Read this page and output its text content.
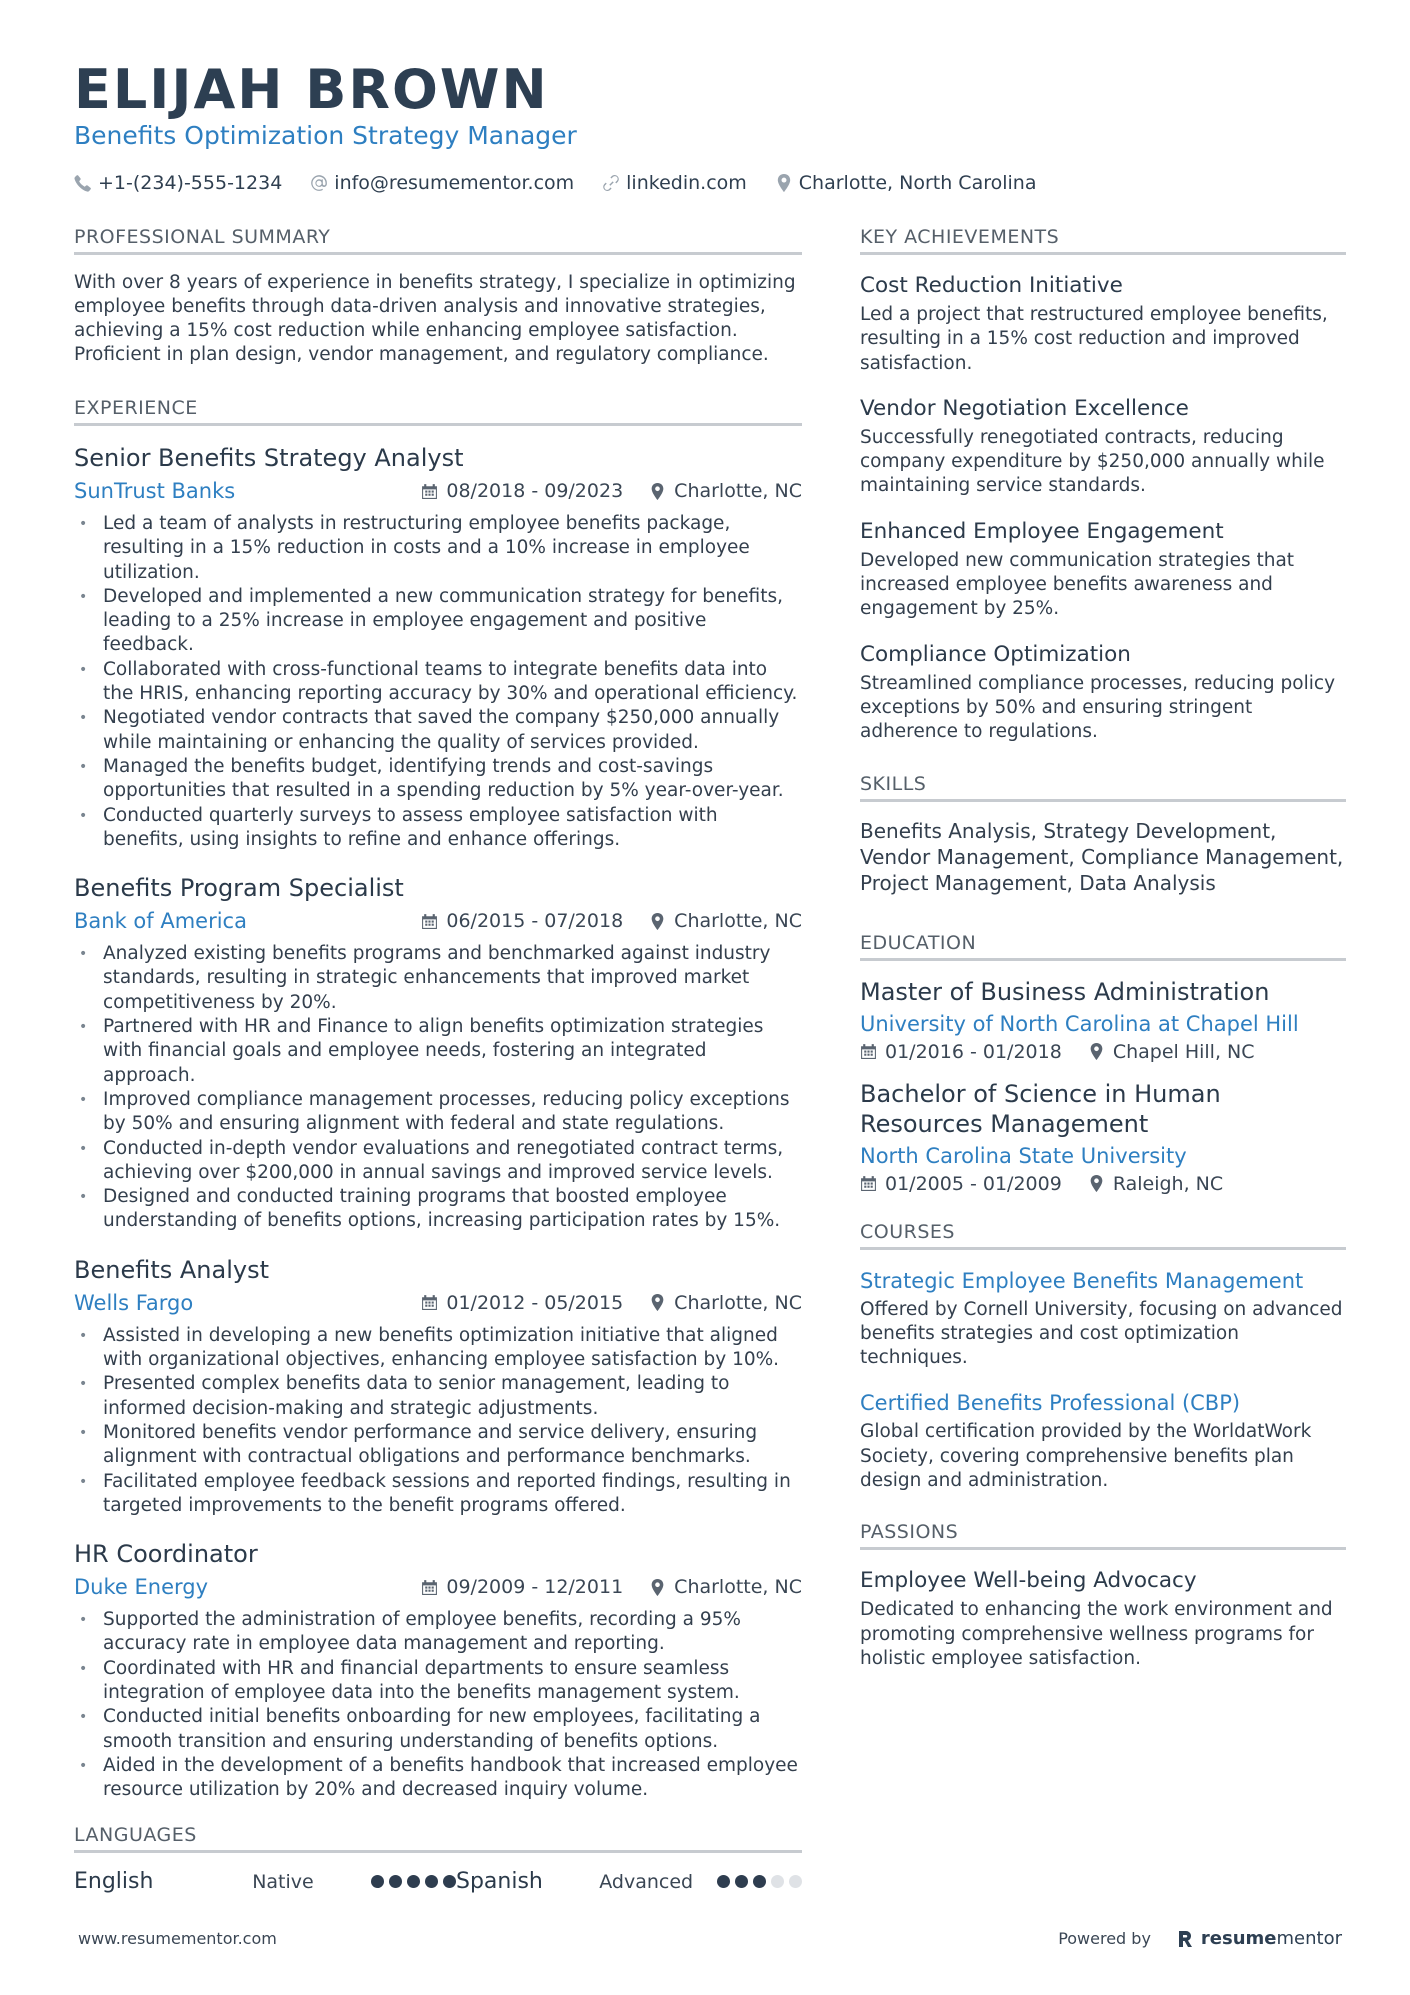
ELIJAH BROWN
Benefits Optimization Strategy Manager
+1-(234)-555-1234	info@resumementor.com	linkedin.com	Charlotte, North Carolina
PROFESSIONAL SUMMARY
With over 8 years of experience in benefits strategy, I specialize in optimizing employee benefits through data-driven analysis and innovative strategies, achieving a 15% cost reduction while enhancing employee satisfaction. Proficient in plan design, vendor management, and regulatory compliance.
EXPERIENCE
Senior Benefits Strategy Analyst
SunTrust Banks	08/2018 - 09/2023	Charlotte, NC
• Led a team of analysts in restructuring employee benefits package, resulting in a 15% reduction in costs and a 10% increase in employee utilization.
• Developed and implemented a new communication strategy for benefits, leading to a 25% increase in employee engagement and positive feedback.
• Collaborated with cross-functional teams to integrate benefits data into the HRIS, enhancing reporting accuracy by 30% and operational efficiency.
• Negotiated vendor contracts that saved the company $250,000 annually while maintaining or enhancing the quality of services provided.
• Managed the benefits budget, identifying trends and cost-savings opportunities that resulted in a spending reduction by 5% year-over-year.
• Conducted quarterly surveys to assess employee satisfaction with benefits, using insights to refine and enhance offerings.
Benefits Program Specialist
Bank of America	06/2015 - 07/2018	Charlotte, NC
• Analyzed existing benefits programs and benchmarked against industry standards, resulting in strategic enhancements that improved market competitiveness by 20%.
• Partnered with HR and Finance to align benefits optimization strategies with financial goals and employee needs, fostering an integrated approach.
• Improved compliance management processes, reducing policy exceptions by 50% and ensuring alignment with federal and state regulations.
• Conducted in-depth vendor evaluations and renegotiated contract terms, achieving over $200,000 in annual savings and improved service levels.
• Designed and conducted training programs that boosted employee understanding of benefits options, increasing participation rates by 15%.
Benefits Analyst
Wells Fargo	01/2012 - 05/2015	Charlotte, NC
• Assisted in developing a new benefits optimization initiative that aligned with organizational objectives, enhancing employee satisfaction by 10%.
• Presented complex benefits data to senior management, leading to informed decision-making and strategic adjustments.
• Monitored benefits vendor performance and service delivery, ensuring alignment with contractual obligations and performance benchmarks.
• Facilitated employee feedback sessions and reported findings, resulting in targeted improvements to the benefit programs offered.
HR Coordinator
Duke Energy	09/2009 - 12/2011	Charlotte, NC
• Supported the administration of employee benefits, recording a 95% accuracy rate in employee data management and reporting.
• Coordinated with HR and financial departments to ensure seamless integration of employee data into the benefits management system.
• Conducted initial benefits onboarding for new employees, facilitating a smooth transition and ensuring understanding of benefits options.
• Aided in the development of a benefits handbook that increased employee resource utilization by 20% and decreased inquiry volume.
LANGUAGES
English	Native	Spanish	Advanced
KEY ACHIEVEMENTS
Cost Reduction Initiative
Led a project that restructured employee benefits, resulting in a 15% cost reduction and improved satisfaction.
Vendor Negotiation Excellence
Successfully renegotiated contracts, reducing company expenditure by $250,000 annually while maintaining service standards.
Enhanced Employee Engagement
Developed new communication strategies that increased employee benefits awareness and engagement by 25%.
Compliance Optimization
Streamlined compliance processes, reducing policy exceptions by 50% and ensuring stringent adherence to regulations.
SKILLS
Benefits Analysis, Strategy Development, Vendor Management, Compliance Management, Project Management, Data Analysis
EDUCATION
Master of Business Administration
University of North Carolina at Chapel Hill
01/2016 - 01/2018	Chapel Hill, NC
Bachelor of Science in Human Resources Management
North Carolina State University
01/2005 - 01/2009	Raleigh, NC
COURSES
Strategic Employee Benefits Management
Offered by Cornell University, focusing on advanced benefits strategies and cost optimization techniques.
Certified Benefits Professional (CBP)
Global certification provided by the WorldatWork Society, covering comprehensive benefits plan design and administration.
PASSIONS
Employee Well-being Advocacy
Dedicated to enhancing the work environment and promoting comprehensive wellness programs for holistic employee satisfaction.
www.resumementor.com	Powered by	resumementor
